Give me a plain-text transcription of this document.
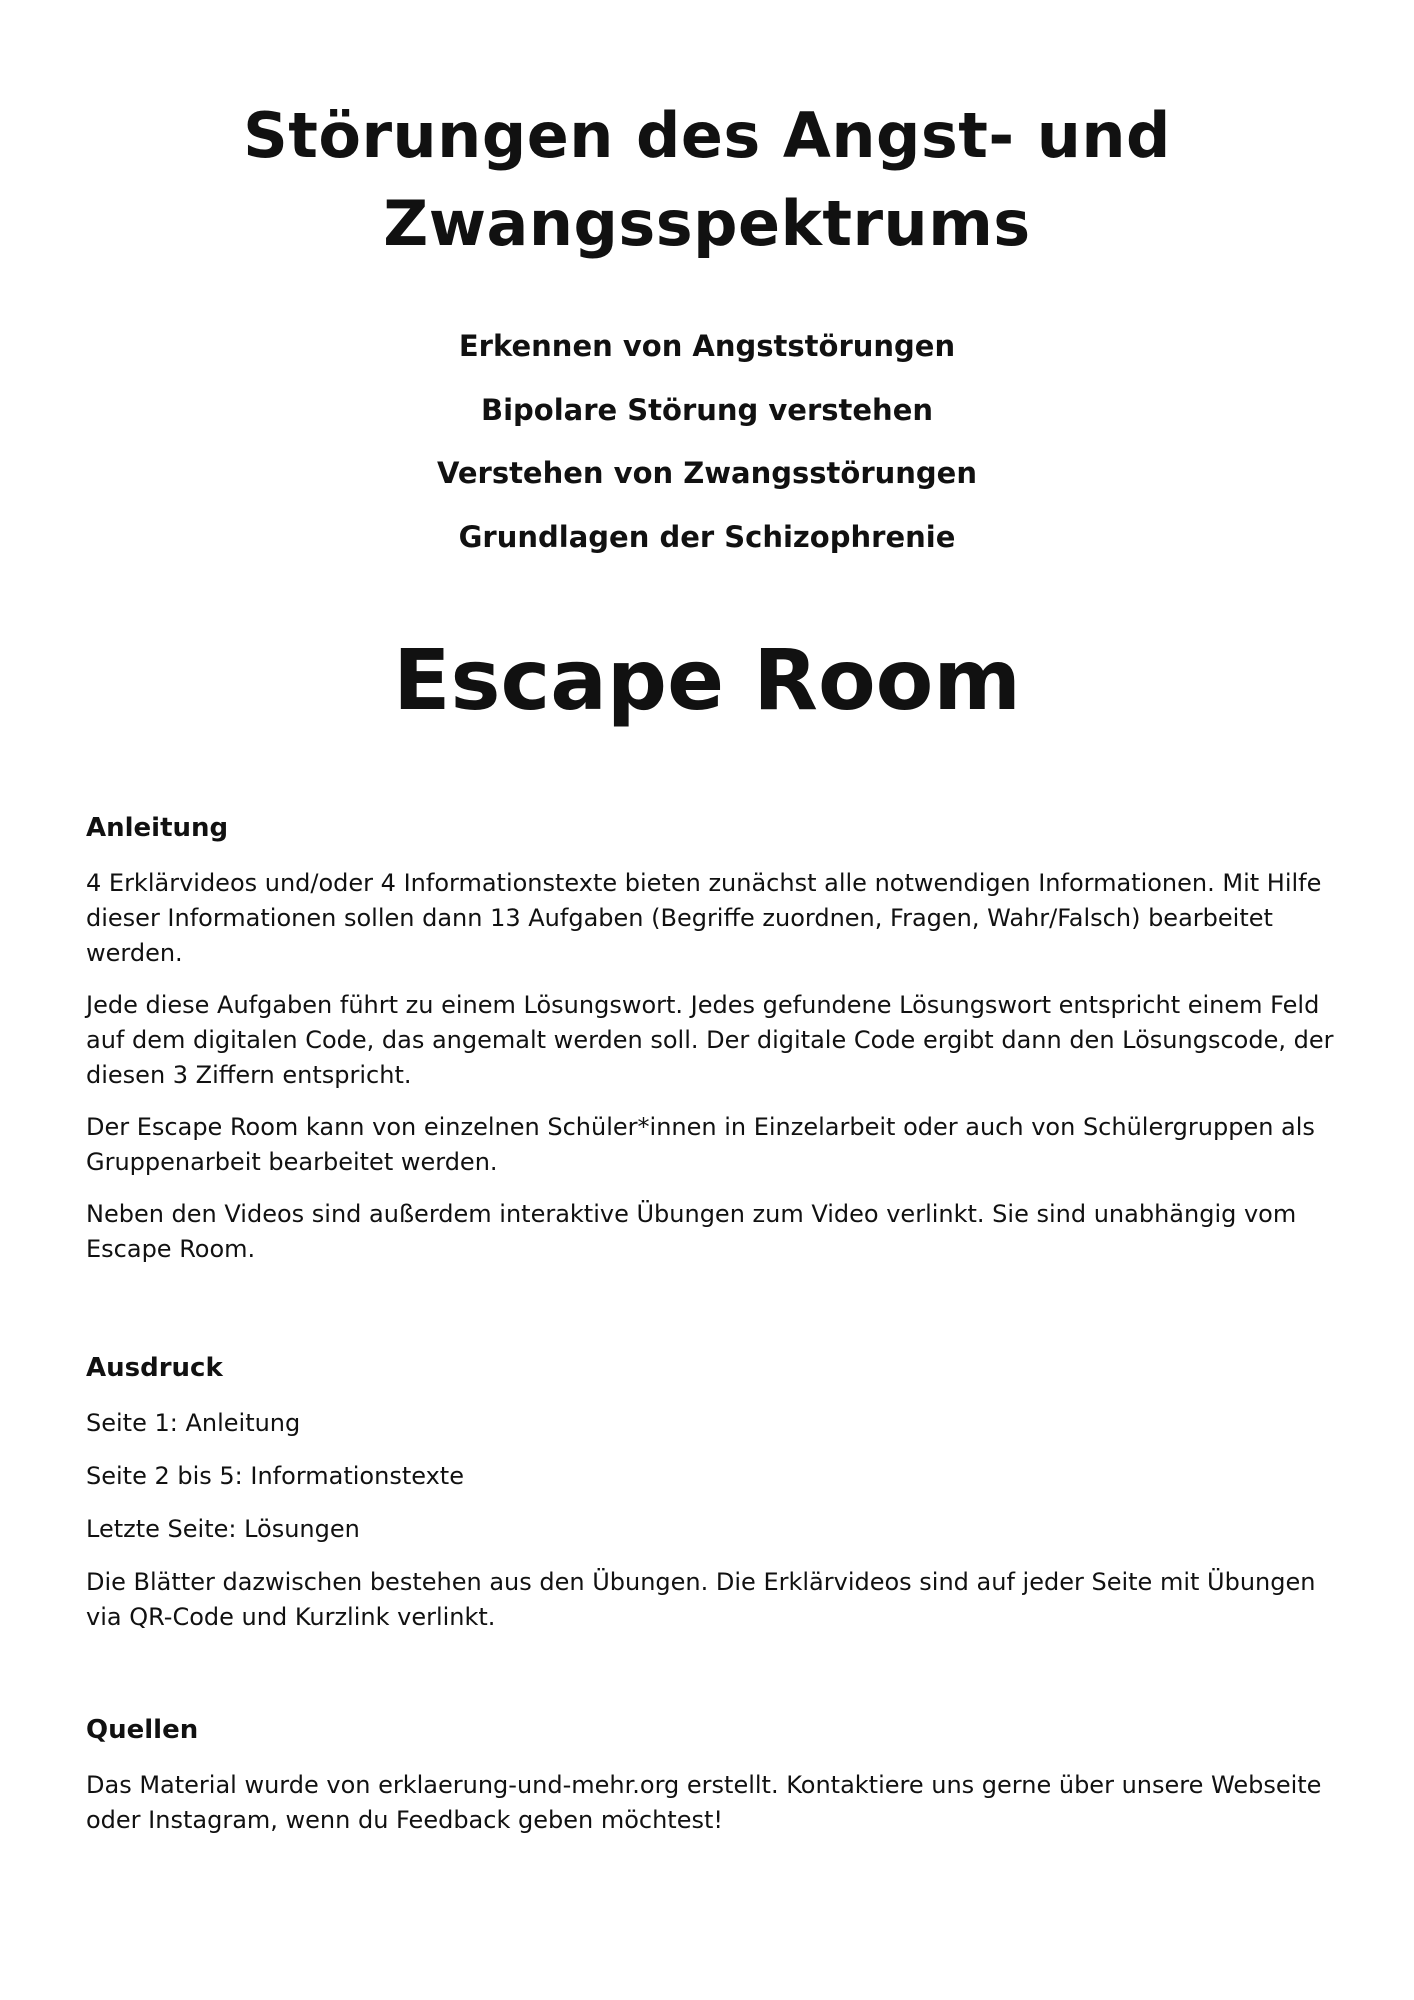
Störungen des Angst- und
Zwangsspektrums
Erkennen von Angststörungen
Bipolare Störung verstehen
Verstehen von Zwangsstörungen
Grundlagen der Schizophrenie
Escape Room
Anleitung

4 Erklärvideos und/oder 4 Informationstexte bieten zunächst alle notwendigen Informationen. Mit Hilfe dieser Informationen sollen dann 13 Aufgaben (Begriffe zuordnen, Fragen, Wahr/Falsch) bearbeitet werden.

Jede diese Aufgaben führt zu einem Lösungswort. Jedes gefundene Lösungswort entspricht einem Feld auf dem digitalen Code, das angemalt werden soll. Der digitale Code ergibt dann den Lösungscode, der diesen 3 Ziffern entspricht.

Der Escape Room kann von einzelnen Schüler*innen in Einzelarbeit oder auch von Schülergruppen als Gruppenarbeit bearbeitet werden.

Neben den Videos sind außerdem interaktive Übungen zum Video verlinkt. Sie sind unabhängig vom Escape Room.

Ausdruck

Seite 1: Anleitung

Seite 2 bis 5: Informationstexte

Letzte Seite: Lösungen

Die Blätter dazwischen bestehen aus den Übungen. Die Erklärvideos sind auf jeder Seite mit Übungen via QR-Code und Kurzlink verlinkt.

Quellen

Das Material wurde von erklaerung-und-mehr.org erstellt. Kontaktiere uns gerne über unsere Webseite oder Instagram, wenn du Feedback geben möchtest!
